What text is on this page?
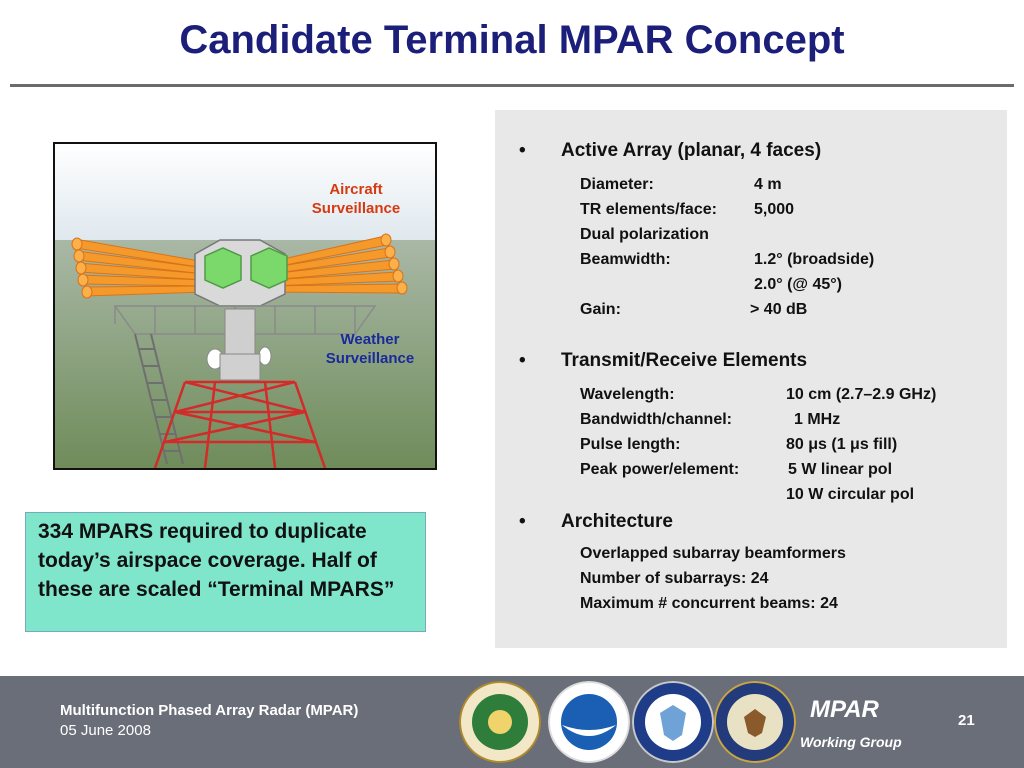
Candidate Terminal MPAR Concept
Aircraft Surveillance
Weather Surveillance

334 MPARS required to duplicate today’s airspace coverage. Half of these are scaled “Terminal MPARS”

• Active Array (planar, 4 faces)
Diameter:	4 m
TR elements/face: 5,000
Dual polarization
Beamwidth:	1.2° (broadside)
2.0° (@ 45°)
Gain:	> 40 dB
• Transmit/Receive Elements
Wavelength:	10 cm (2.7–2.9 GHz)
Bandwidth/channel:	1 MHz
Pulse length:	80 μs (1 μs fill)
Peak power/element:	5 W linear pol
10 W circular pol
• Architecture
Overlapped subarray beamformers
Number of subarrays: 24
Maximum # concurrent beams: 24
Multifunction Phased Array Radar (MPAR)
05 June 2008
MPAR
Working Group
21
